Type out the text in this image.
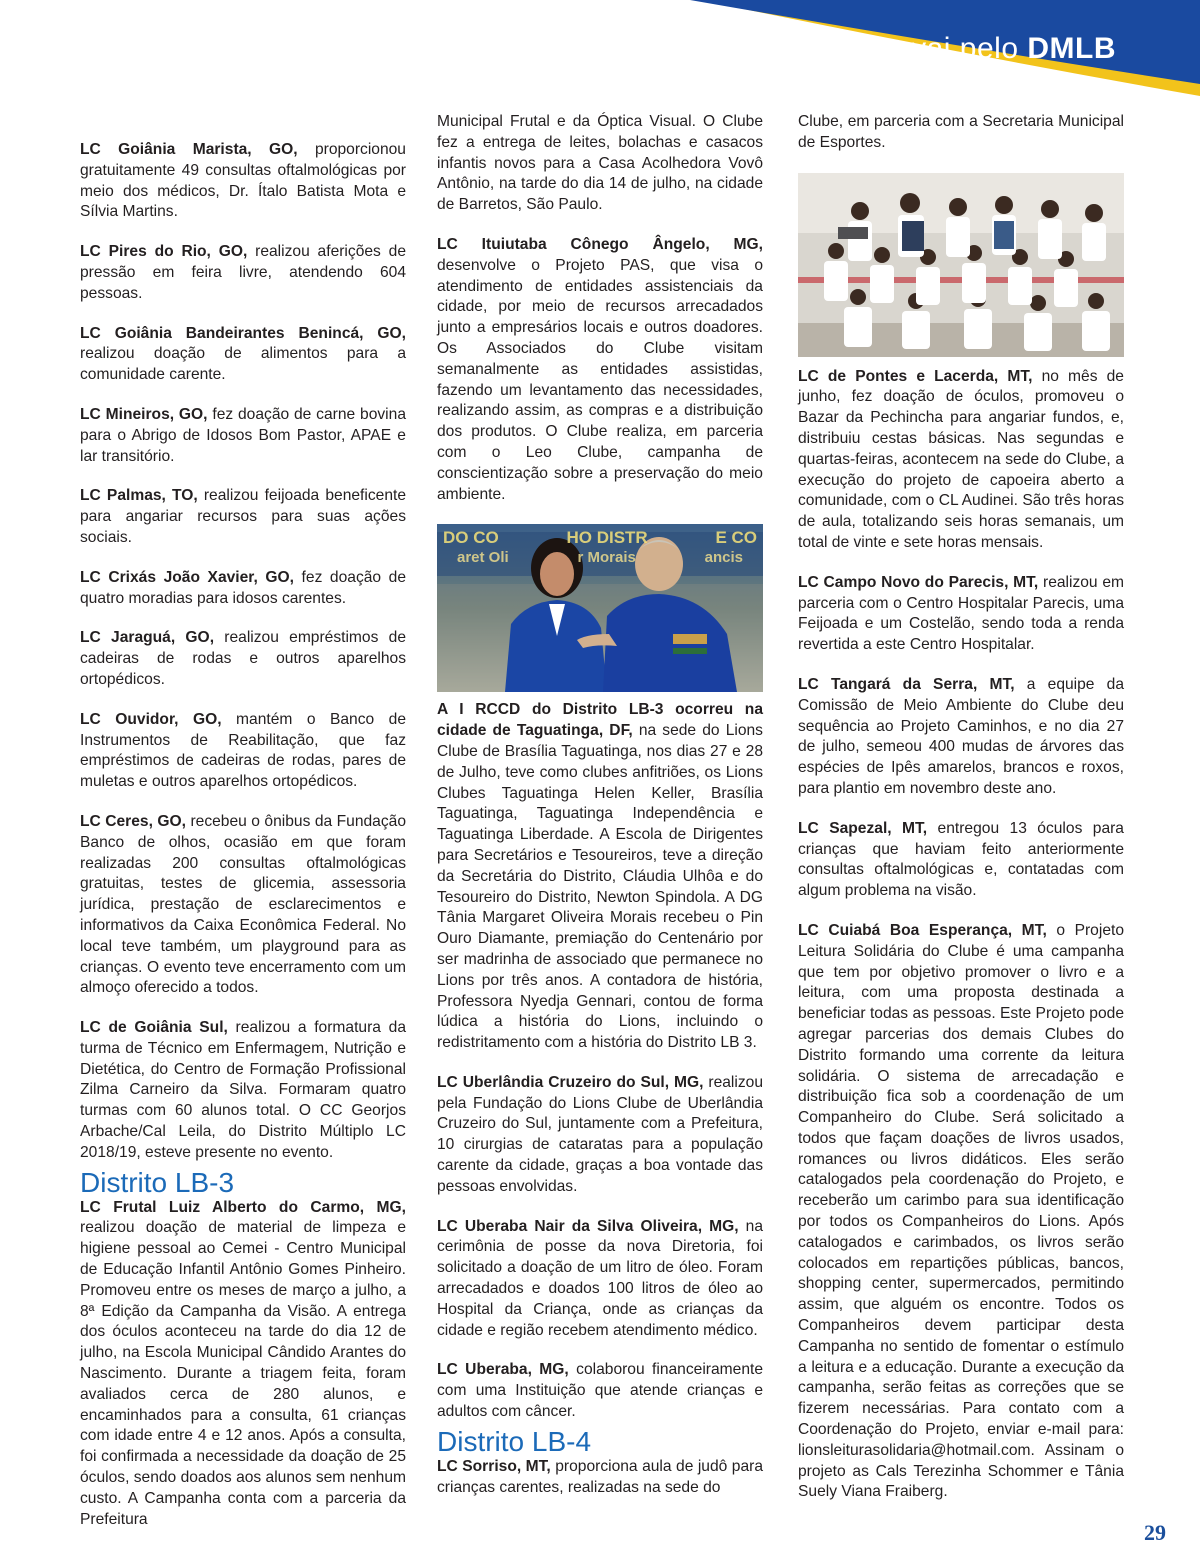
O que vai pelo DMLB

LC Goiânia Marista, GO, proporcionou gratuitamente 49 consultas oftalmológicas por meio dos médicos, Dr. Ítalo Batista Mota e Sílvia Martins.

LC Pires do Rio, GO, realizou aferições de pressão em feira livre, atendendo 604 pessoas.

LC Goiânia Bandeirantes Benincá, GO, realizou doação de alimentos para a comunidade carente.

LC Mineiros, GO, fez doação de carne bovina para o Abrigo de Idosos Bom Pastor, APAE e lar transitório.

LC Palmas, TO, realizou feijoada beneficente para angariar recursos para suas ações sociais.

LC Crixás João Xavier, GO, fez doação de quatro moradias para idosos carentes.

LC Jaraguá, GO, realizou empréstimos de cadeiras de rodas e outros aparelhos ortopédicos.

LC Ouvidor, GO, mantém o Banco de Instrumentos de Reabilitação, que faz empréstimos de cadeiras de rodas, pares de muletas e outros aparelhos ortopédicos.

LC Ceres, GO, recebeu o ônibus da Fundação Banco de olhos, ocasião em que foram realizadas 200 consultas oftalmológicas gratuitas, testes de glicemia, assessoria jurídica, prestação de esclarecimentos e informativos da Caixa Econômica Federal. No local teve também, um playground para as crianças. O evento teve encerramento com um almoço oferecido a todos.

LC de Goiânia Sul, realizou a formatura da turma de Técnico em Enfermagem, Nutrição e Dietética, do Centro de Formação Profissional Zilma Carneiro da Silva. Formaram quatro turmas com 60 alunos total. O CC Georjos Arbache/Cal Leila, do Distrito Múltiplo LC 2018/19, esteve presente no evento.

Distrito LB-3

LC Frutal Luiz Alberto do Carmo, MG, realizou doação de material de limpeza e higiene pessoal ao Cemei - Centro Municipal de Educação Infantil Antônio Gomes Pinheiro. Promoveu entre os meses de março a julho, a 8ª Edição da Campanha da Visão. A entrega dos óculos aconteceu na tarde do dia 12 de julho, na Escola Municipal Cândido Arantes do Nascimento. Durante a triagem feita, foram avaliados cerca de 280 alunos, e encaminhados para a consulta, 61 crianças com idade entre 4 e 12 anos. Após a consulta, foi confirmada a necessidade da doação de 25 óculos, sendo doados aos alunos sem nenhum custo. A Campanha conta com a parceria da Prefeitura

Municipal Frutal e da Óptica Visual. O Clube fez a entrega de leites, bolachas e casacos infantis novos para a Casa Acolhedora Vovô Antônio, na tarde do dia 14 de julho, na cidade de Barretos, São Paulo.

LC Ituiutaba Cônego Ângelo, MG, desenvolve o Projeto PAS, que visa o atendimento de entidades assistenciais da cidade, por meio de recursos arrecadados junto a empresários locais e outros doadores. Os Associados do Clube visitam semanalmente as entidades assistidas, fazendo um levantamento das necessidades, realizando assim, as compras e a distribuição dos produtos. O Clube realiza, em parceria com o Leo Clube, campanha de conscientização sobre a preservação do meio ambiente.

DO CO	HO DISTR	E CO
aret Oli	r Morais	ancis

A I RCCD do Distrito LB-3 ocorreu na cidade de Taguatinga, DF, na sede do Lions Clube de Brasília Taguatinga, nos dias 27 e 28 de Julho, teve como clubes anfitriões, os Lions Clubes Taguatinga Helen Keller, Brasília Taguatinga, Taguatinga Independência e Taguatinga Liberdade. A Escola de Dirigentes para Secretários e Tesoureiros, teve a direção da Secretária do Distrito, Cláudia Ulhôa e do Tesoureiro do Distrito, Newton Spindola. A DG Tânia Margaret Oliveira Morais recebeu o Pin Ouro Diamante, premiação do Centenário por ser madrinha de associado que permanece no Lions por três anos. A contadora de história, Professora Nyedja Gennari, contou de forma lúdica a história do Lions, incluindo o redistritamento com a história do Distrito LB 3.

LC Uberlândia Cruzeiro do Sul, MG, realizou pela Fundação do Lions Clube de Uberlândia Cruzeiro do Sul, juntamente com a Prefeitura, 10 cirurgias de cataratas para a população carente da cidade, graças a boa vontade das pessoas envolvidas.

LC Uberaba Nair da Silva Oliveira, MG, na cerimônia de posse da nova Diretoria, foi solicitado a doação de um litro de óleo. Foram arrecadados e doados 100 litros de óleo ao Hospital da Criança, onde as crianças da cidade e região recebem atendimento médico.

LC Uberaba, MG, colaborou financeiramente com uma Instituição que atende crianças e adultos com câncer.

Distrito LB-4

LC Sorriso, MT, proporciona aula de judô para crianças carentes, realizadas na sede do

Clube, em parceria com a Secretaria Municipal de Esportes.

LC de Pontes e Lacerda, MT, no mês de junho, fez doação de óculos, promoveu o Bazar da Pechincha para angariar fundos, e, distribuiu cestas básicas. Nas segundas e quartas-feiras, acontecem na sede do Clube, a execução do projeto de capoeira aberto a comunidade, com o CL Audinei. São três horas de aula, totalizando seis horas semanais, um total de vinte e sete horas mensais.

LC Campo Novo do Parecis, MT, realizou em parceria com o Centro Hospitalar Parecis, uma Feijoada e um Costelão, sendo toda a renda revertida a este Centro Hospitalar.

LC Tangará da Serra, MT, a equipe da Comissão de Meio Ambiente do Clube deu sequência ao Projeto Caminhos, e no dia 27 de julho, semeou 400 mudas de árvores das espécies de Ipês amarelos, brancos e roxos, para plantio em novembro deste ano.

LC Sapezal, MT, entregou 13 óculos para crianças que haviam feito anteriormente consultas oftalmológicas e, contatadas com algum problema na visão.

LC Cuiabá Boa Esperança, MT, o Projeto Leitura Solidária do Clube é uma campanha que tem por objetivo promover o livro e a leitura, com uma proposta destinada a beneficiar todas as pessoas. Este Projeto pode agregar parcerias dos demais Clubes do Distrito formando uma corrente da leitura solidária. O sistema de arrecadação e distribuição fica sob a coordenação de um Companheiro do Clube. Será solicitado a todos que façam doações de livros usados, romances ou livros didáticos. Eles serão catalogados pela coordenação do Projeto, e receberão um carimbo para sua identificação por todos os Companheiros do Lions. Após catalogados e carimbados, os livros serão colocados em repartições públicas, bancos, shopping center, supermercados, permitindo assim, que alguém os encontre. Todos os Companheiros devem participar desta Campanha no sentido de fomentar o estímulo a leitura e a educação. Durante a execução da campanha, serão feitas as correções que se fizerem necessárias. Para contato com a Coordenação do Projeto, enviar e-mail para: lionsleiturasolidaria@hotmail.com. Assinam o projeto as Cals Terezinha Schommer e Tânia Suely Viana Fraiberg.

29
